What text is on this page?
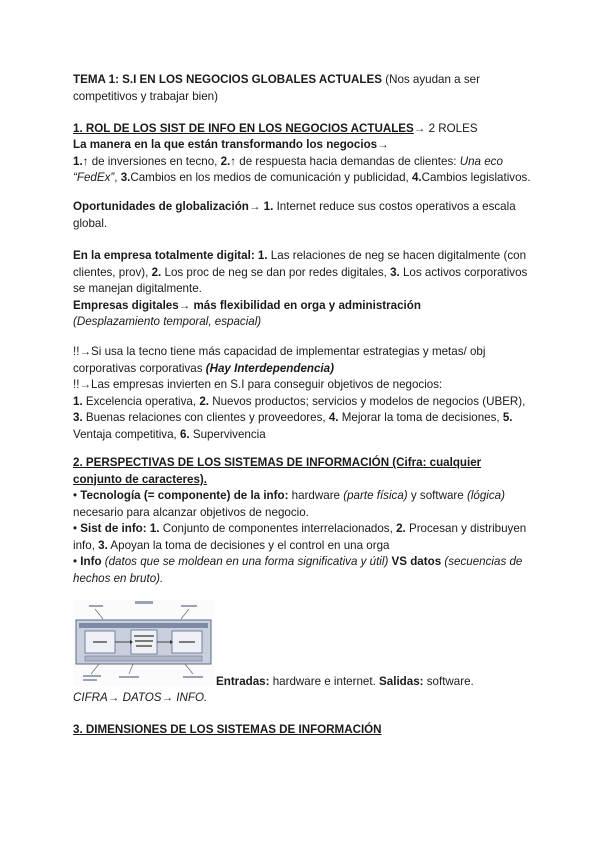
TEMA 1: S.I EN LOS NEGOCIOS GLOBALES ACTUALES (Nos ayudan a ser competitivos y trabajar bien)
1. ROL DE LOS SIST DE INFO EN LOS NEGOCIOS ACTUALES→ 2 ROLES
La manera en la que están transformando los negocios→
1.↑ de inversiones en tecno, 2.↑ de respuesta hacia demandas de clientes: Una eco “FedEx”, 3.Cambios en los medios de comunicación y publicidad, 4.Cambios legislativos.
Oportunidades de globalización→ 1. Internet reduce sus costos operativos a escala global.
En la empresa totalmente digital: 1. Las relaciones de neg se hacen digitalmente (con clientes, prov), 2. Los proc de neg se dan por redes digitales, 3. Los activos corporativos se manejan digitalmente.
Empresas digitales→ más flexibilidad en orga y administración
(Desplazamiento temporal, espacial)
!!→Si usa la tecno tiene más capacidad de implementar estrategias y metas/ obj corporativas corporativas (Hay Interdependencia)
!!→Las empresas invierten en S.I para conseguir objetivos de negocios:
1. Excelencia operativa, 2. Nuevos productos; servicios y modelos de negocios (UBER), 3. Buenas relaciones con clientes y proveedores, 4. Mejorar la toma de decisiones, 5. Ventaja competitiva, 6. Supervivencia
2. PERSPECTIVAS DE LOS SISTEMAS DE INFORMACIÓN (Cifra: cualquier conjunto de caracteres).
• Tecnología (= componente) de la info: hardware (parte física) y software (lógica) necesario para alcanzar objetivos de negocio.
• Sist de info: 1. Conjunto de componentes interrelacionados, 2. Procesan y distribuyen info, 3. Apoyan la toma de decisiones y el control en una orga
• Info (datos que se moldean en una forma significativa y útil) VS datos (secuencias de hechos en bruto).
Entradas: hardware e internet. Salidas: software.
CIFRA→ DATOS→ INFO.
3. DIMENSIONES DE LOS SISTEMAS DE INFORMACIÓN
